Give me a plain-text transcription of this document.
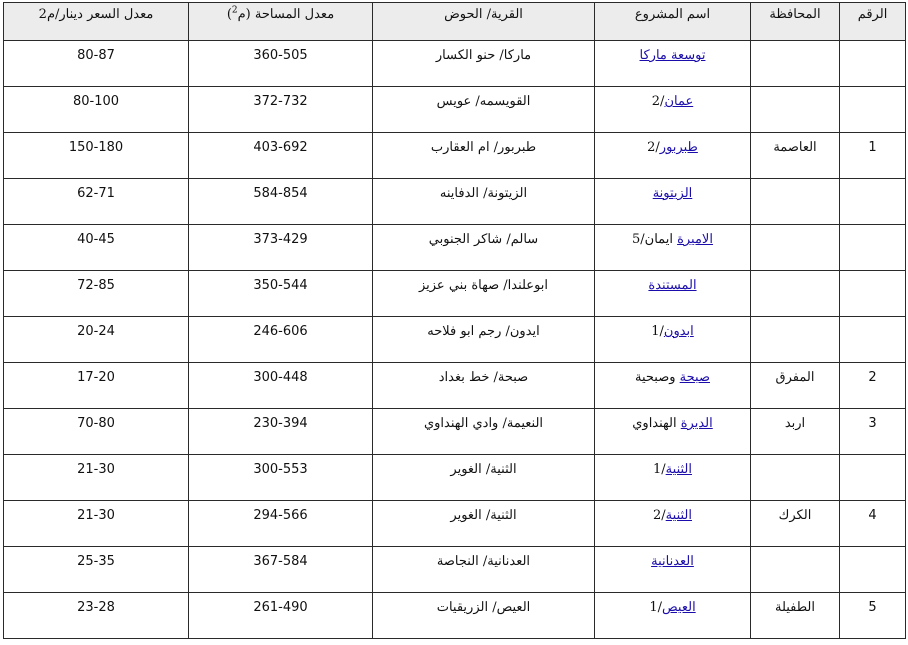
الرقم	المحافظة	اسم المشروع	القرية/ الحوض	معدل المساحة (م$^2$)	معدل السعر دينار/م2
		توسعة ماركا	ماركا/ حنو الكسار	360-505	80-87
		عمان/2	القويسمه/ عويس	372-732	80-100
1	العاصمة	طبربور/2	طبربور/ ام العقارب	403-692	150-180
		الزيتونة	الزيتونة/ الدفاينه	584-854	62-71
		الاميرة ايمان/5	سالم/ شاكر الجنوبي	373-429	40-45
		المستندة	ابوعلندا/ صهاة بني عزيز	350-544	72-85
		ابدون/1	ايدون/ رجم ابو فلاحه	246-606	20-24
2	المفرق	صبحة وصبحية	صبحة/ خط بغداد	300-448	17-20
3	اربد	الديرة الهنداوي	النعيمة/ وادي الهنداوي	230-394	70-80
		الثنية/1	الثنية/ الغوير	300-553	21-30
4	الكرك	الثنية/2	الثنية/ الغوير	294-566	21-30
		العدنانية	العدنانية/ النجاصة	367-584	25-35
5	الطفيلة	العيص/1	العيص/ الزريقيات	261-490	23-28
